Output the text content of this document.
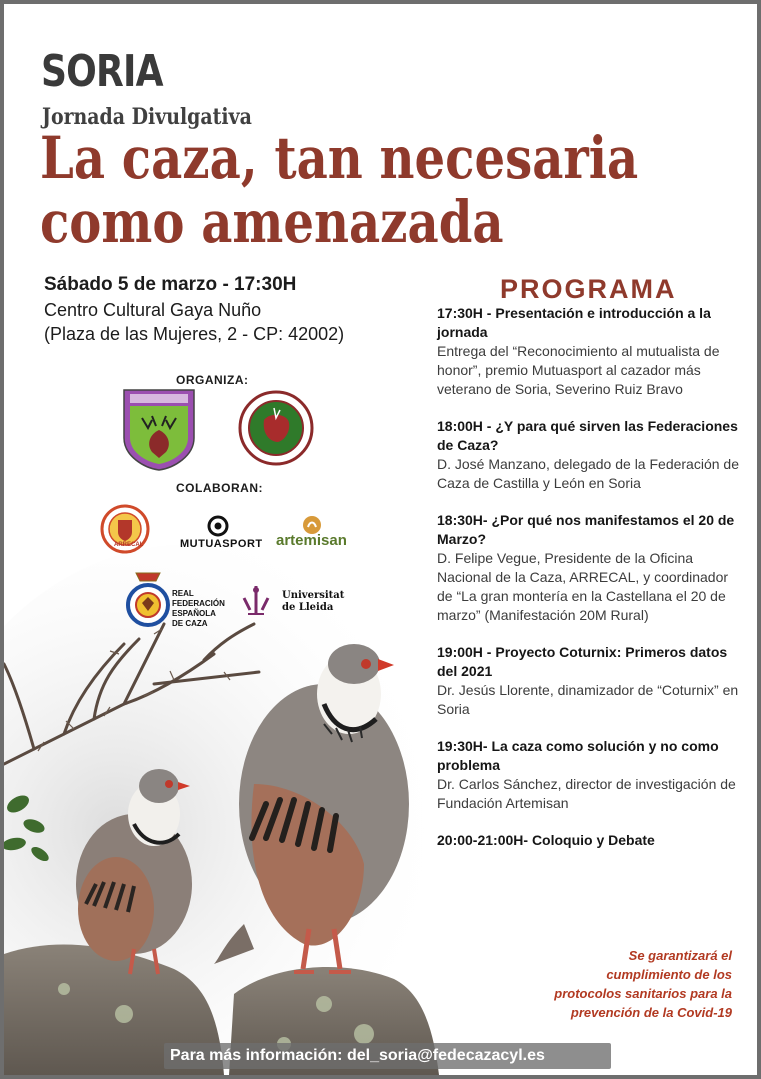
SORIA
Jornada Divulgativa
La caza, tan necesaria
como amenazada
Sábado 5 de marzo - 17:30H
Centro Cultural Gaya Nuño
(Plaza de las Mujeres, 2 - CP: 42002)
ORGANIZA:
COLABORAN:
ARRECAL	MUTUASPORT artemisan
REAL
FEDERACIÓN
ESPAÑOLA
DE CAZA
Universitat
de Lleida
PROGRAMA
17:30H - Presentación e introducción a la jornada
Entrega del “Reconocimiento al mutualista de honor”, premio Mutuasport al cazador más veterano de Soria, Severino Ruiz Bravo
18:00H - ¿Y para qué sirven las Federaciones de Caza?
D. José Manzano, delegado de la Federación de Caza de Castilla y León en Soria
18:30H- ¿Por qué nos manifestamos el 20 de Marzo?
D. Felipe Vegue, Presidente de la Oficina Nacional de la Caza, ARRECAL, y coordinador de “La gran montería en la Castellana el 20 de marzo” (Manifestación 20M Rural)
19:00H - Proyecto Coturnix: Primeros datos del 2021
Dr. Jesús Llorente, dinamizador de “Coturnix” en Soria
19:30H- La caza como solución y no como problema
Dr. Carlos Sánchez, director de investigación de Fundación Artemisan
20:00-21:00H- Coloquio y Debate
Se garantizará el
cumplimiento de los
protocolos sanitarios para la
prevención de la Covid-19
Para más información: del_soria@fedecazacyl.es
